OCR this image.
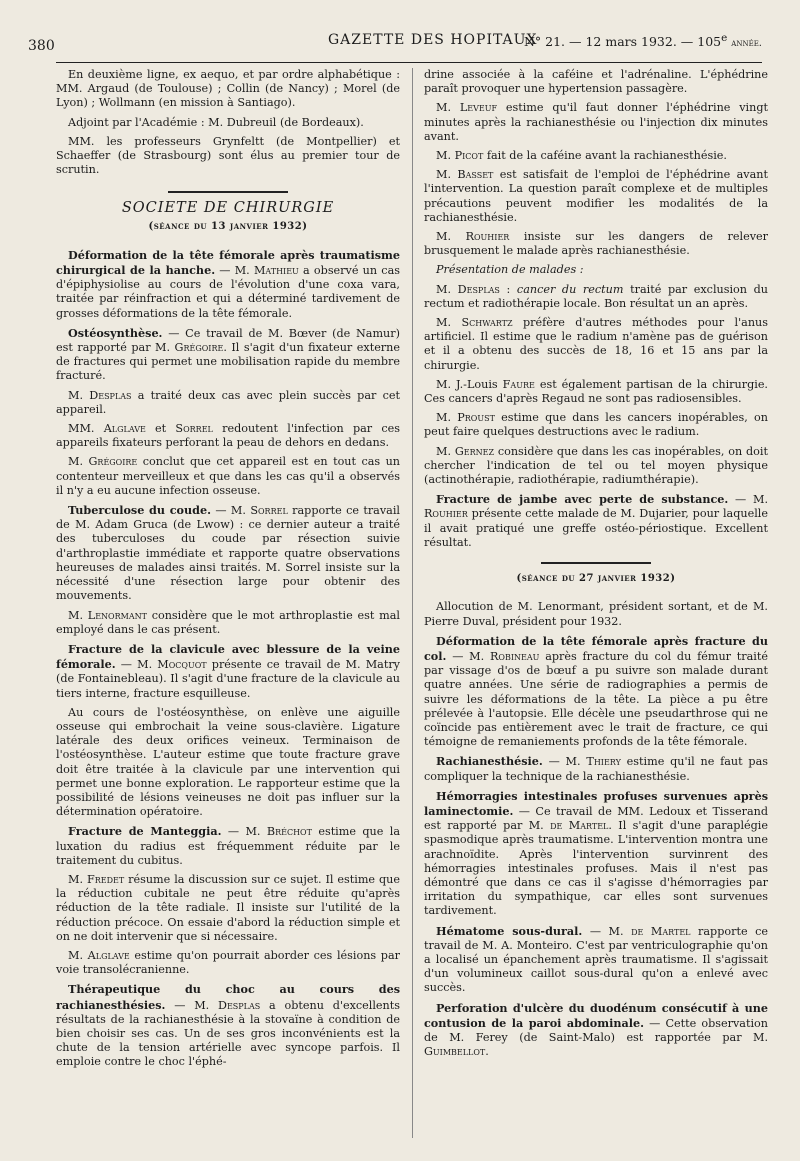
380	GAZETTE DES HOPITAUX
N° 21. — 12 mars 1932. — 105e année.

En deuxième ligne, ex aequo, et par ordre alphabétique : MM. Argaud (de Toulouse) ; Collin (de Nancy) ; Morel (de Lyon) ; Wollmann (en mission à Santiago).

Adjoint par l'Académie : M. Dubreuil (de Bordeaux).

MM. les professeurs Grynfeltt (de Montpellier) et Schaeffer (de Strasbourg) sont élus au premier tour de scrutin.

SOCIETE DE CHIRURGIE
(séance du 13 janvier 1932)

Déformation de la tête fémorale après traumatisme chirurgical de la hanche. — M. Mathieu a observé un cas d'épiphysiolise au cours de l'évolution d'une coxa vara, traitée par réinfraction et qui a déterminé tardivement de grosses déformations de la tête fémorale.

Ostéosynthèse. — Ce travail de M. Bœver (de Namur) est rapporté par M. Grégoire. Il s'agit d'un fixateur externe de fractures qui permet une mobilisation rapide du membre fracturé.

M. Desplas a traité deux cas avec plein succès par cet appareil.

MM. Alglave et Sorrel redoutent l'infection par ces appareils fixateurs perforant la peau de dehors en dedans.

M. Grégoire conclut que cet appareil est en tout cas un contenteur merveilleux et que dans les cas qu'il a observés il n'y a eu aucune infection osseuse.

Tuberculose du coude. — M. Sorrel rapporte ce travail de M. Adam Gruca (de Lwow) : ce dernier auteur a traité des tuberculoses du coude par résection suivie d'arthroplastie immédiate et rapporte quatre observations heureuses de malades ainsi traités. M. Sorrel insiste sur la nécessité d'une résection large pour obtenir des mouvements.

M. Lenormant considère que le mot arthroplastie est mal employé dans le cas présent.

Fracture de la clavicule avec blessure de la veine fémorale. — M. Mocquot présente ce travail de M. Matry (de Fontainebleau). Il s'agit d'une fracture de la clavicule au tiers interne, fracture esquilleuse.

Au cours de l'ostéosynthèse, on enlève une aiguille osseuse qui embrochait la veine sous-clavière. Ligature latérale des deux orifices veineux. Terminaison de l'ostéosynthèse. L'auteur estime que toute fracture grave doit être traitée à la clavicule par une intervention qui permet une bonne exploration. Le rapporteur estime que la possibilité de lésions veineuses ne doit pas influer sur la détermination opératoire.

Fracture de Manteggia. — M. Bréchot estime que la luxation du radius est fréquemment réduite par le traitement du cubitus.

M. Fredet résume la discussion sur ce sujet. Il estime que la réduction cubitale ne peut être réduite qu'après réduction de la tête radiale. Il insiste sur l'utilité de la réduction précoce. On essaie d'abord la réduction simple et on ne doit intervenir que si nécessaire.

M. Alglave estime qu'on pourrait aborder ces lésions par voie transolécranienne.

Thérapeutique du choc au cours des rachianesthésies. — M. Desplas a obtenu d'excellents résultats de la rachianesthésie à la stovaïne à condition de bien choisir ses cas. Un de ses gros inconvénients est la chute de la tension artérielle avec syncope parfois. Il emploie contre le choc l'éphé-

drine associée à la caféine et l'adrénaline. L'éphédrine paraît provoquer une hypertension passagère.

M. Leveuf estime qu'il faut donner l'éphédrine vingt minutes après la rachianesthésie ou l'injection dix minutes avant.

M. Picot fait de la caféine avant la rachianesthésie.

M. Basset est satisfait de l'emploi de l'éphédrine avant l'intervention. La question paraît complexe et de multiples précautions peuvent modifier les modalités de la rachianesthésie.

M. Rouhier insiste sur les dangers de relever brusquement le malade après rachianesthésie.

Présentation de malades :

M. Desplas : cancer du rectum traité par exclusion du rectum et radiothérapie locale. Bon résultat un an après.

M. Schwartz préfère d'autres méthodes pour l'anus artificiel. Il estime que le radium n'amène pas de guérison et il a obtenu des succès de 18, 16 et 15 ans par la chirurgie.

M. J.-Louis Faure est également partisan de la chirurgie. Ces cancers d'après Regaud ne sont pas radiosensibles.

M. Proust estime que dans les cancers inopérables, on peut faire quelques destructions avec le radium.

M. Gernez considère que dans les cas inopérables, on doit chercher l'indication de tel ou tel moyen physique (actinothérapie, radiothérapie, radiumthérapie).

Fracture de jambe avec perte de substance. — M. Rouhier présente cette malade de M. Dujarier, pour laquelle il avait pratiqué une greffe ostéo-périostique. Excellent résultat.

(séance du 27 janvier 1932)

Allocution de M. Lenormant, président sortant, et de M. Pierre Duval, président pour 1932.

Déformation de la tête fémorale après fracture du col. — M. Robineau après fracture du col du fémur traité par vissage d'os de bœuf a pu suivre son malade durant quatre années. Une série de radiographies a permis de suivre les déformations de la tête. La pièce a pu être prélevée à l'autopsie. Elle décèle une pseudarthrose qui ne coïncide pas entièrement avec le trait de fracture, ce qui témoigne de remaniements profonds de la tête fémorale.

Rachianesthésie. — M. Thiery estime qu'il ne faut pas compliquer la technique de la rachianesthésie.

Hémorragies intestinales profuses survenues après laminectomie. — Ce travail de MM. Ledoux et Tisserand est rapporté par M. de Martel. Il s'agit d'une paraplégie spasmodique après traumatisme. L'intervention montra une arachnoïdite. Après l'intervention survinrent des hémorragies intestinales profuses. Mais il n'est pas démontré que dans ce cas il s'agisse d'hémorragies par irritation du sympathique, car elles sont survenues tardivement.

Hématome sous-dural. — M. de Martel rapporte ce travail de M. A. Monteiro. C'est par ventriculographie qu'on a localisé un épanchement après traumatisme. Il s'agissait d'un volumineux caillot sous-dural qu'on a enlevé avec succès.

Perforation d'ulcère du duodénum consécutif à une contusion de la paroi abdominale. — Cette observation de M. Ferey (de Saint-Malo) est rapportée par M. Guimbellot.
